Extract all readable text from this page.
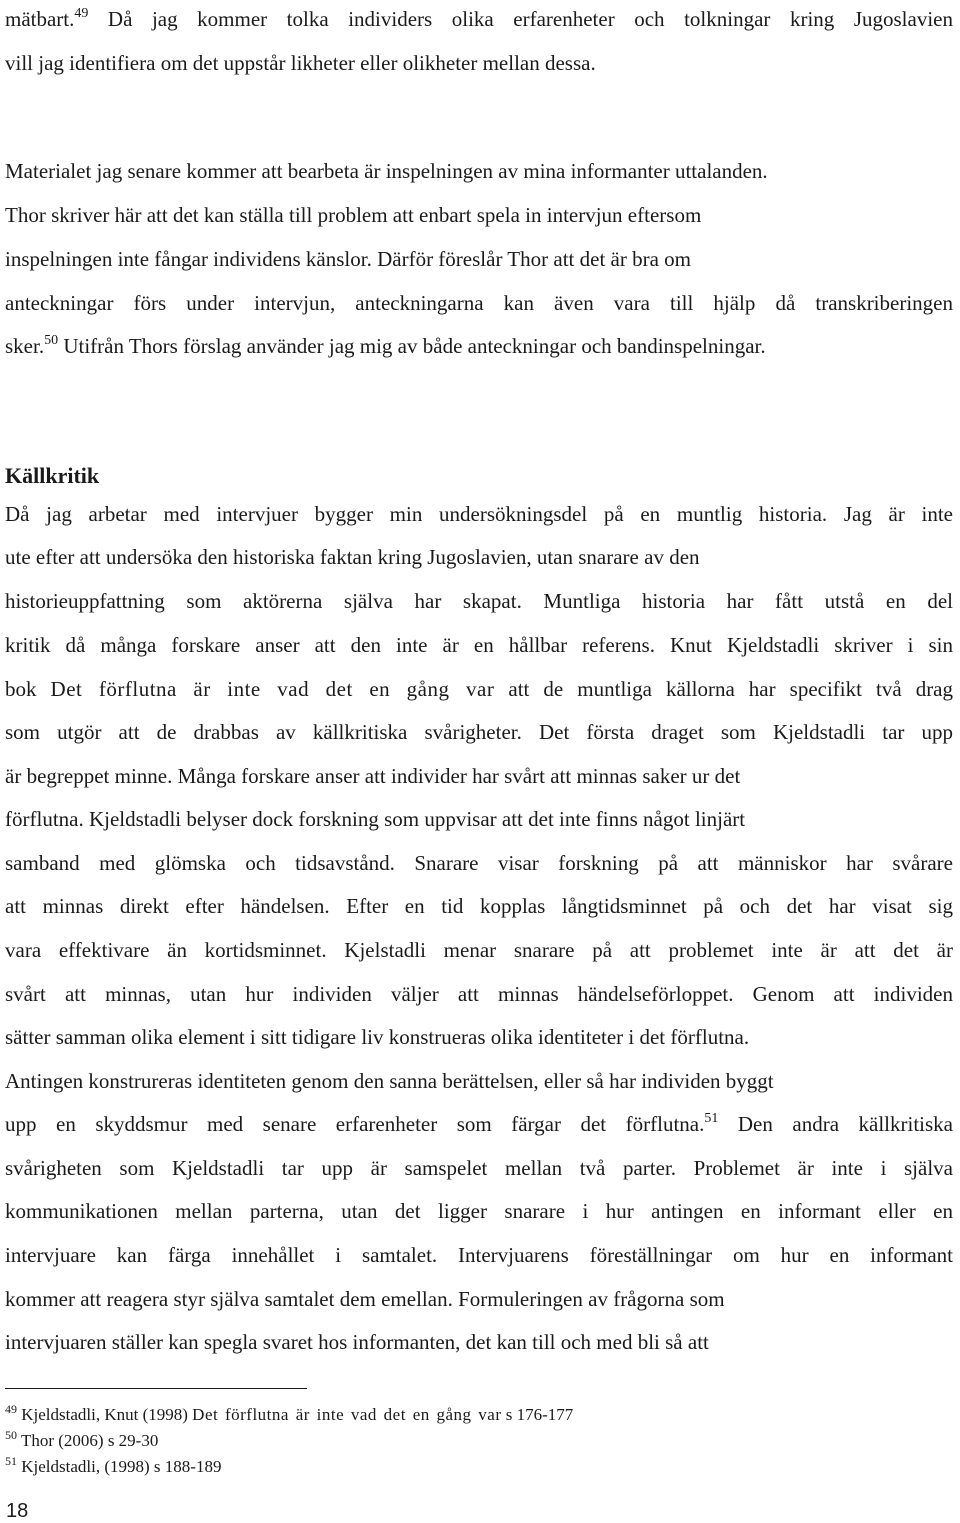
mätbart.$^{49}$ Då jag kommer tolka individers olika erfarenheter och tolkningar kring Jugoslavien
vill jag identifiera om det uppstår likheter eller olikheter mellan dessa.
Materialet jag senare kommer att bearbeta är inspelningen av mina informanter uttalanden.
Thor skriver här att det kan ställa till problem att enbart spela in intervjun eftersom
inspelningen inte fångar individens känslor. Därför föreslår Thor att det är bra om
anteckningar förs under intervjun, anteckningarna kan även vara till hjälp då transkriberingen
sker.$^{50}$ Utifrån Thors förslag använder jag mig av både anteckningar och bandinspelningar.
Källkritik
Då jag arbetar med intervjuer bygger min undersökningsdel på en muntlig historia. Jag är inte
ute efter att undersöka den historiska faktan kring Jugoslavien, utan snarare av den
historieuppfattning som aktörerna själva har skapat. Muntliga historia har fått utstå en del
kritik då många forskare anser att den inte är en hållbar referens. Knut Kjeldstadli skriver i sin
bok Det förflutna är inte vad det en gång var att de muntliga källorna har specifikt två drag
som utgör att de drabbas av källkritiska svårigheter. Det första draget som Kjeldstadli tar upp
är begreppet minne. Många forskare anser att individer har svårt att minnas saker ur det
förflutna. Kjeldstadli belyser dock forskning som uppvisar att det inte finns något linjärt
samband med glömska och tidsavstånd. Snarare visar forskning på att människor har svårare
att minnas direkt efter händelsen. Efter en tid kopplas långtidsminnet på och det har visat sig
vara effektivare än kortidsminnet. Kjelstadli menar snarare på att problemet inte är att det är
svårt att minnas, utan hur individen väljer att minnas händelseförloppet. Genom att individen
sätter samman olika element i sitt tidigare liv konstrueras olika identiteter i det förflutna.
Antingen konstrureras identiteten genom den sanna berättelsen, eller så har individen byggt
upp en skyddsmur med senare erfarenheter som färgar det förflutna.$^{51}$ Den andra källkritiska
svårigheten som Kjeldstadli tar upp är samspelet mellan två parter. Problemet är inte i själva
kommunikationen mellan parterna, utan det ligger snarare i hur antingen en informant eller en
intervjuare kan färga innehållet i samtalet. Intervjuarens föreställningar om hur en informant
kommer att reagera styr själva samtalet dem emellan. Formuleringen av frågorna som
intervjuaren ställer kan spegla svaret hos informanten, det kan till och med bli så att
$^{49}$ Kjeldstadli, Knut (1998) Det förflutna är inte vad det en gång var s 176-177
$^{50}$ Thor (2006) s 29-30
$^{51}$ Kjeldstadli, (1998) s 188-189
18
